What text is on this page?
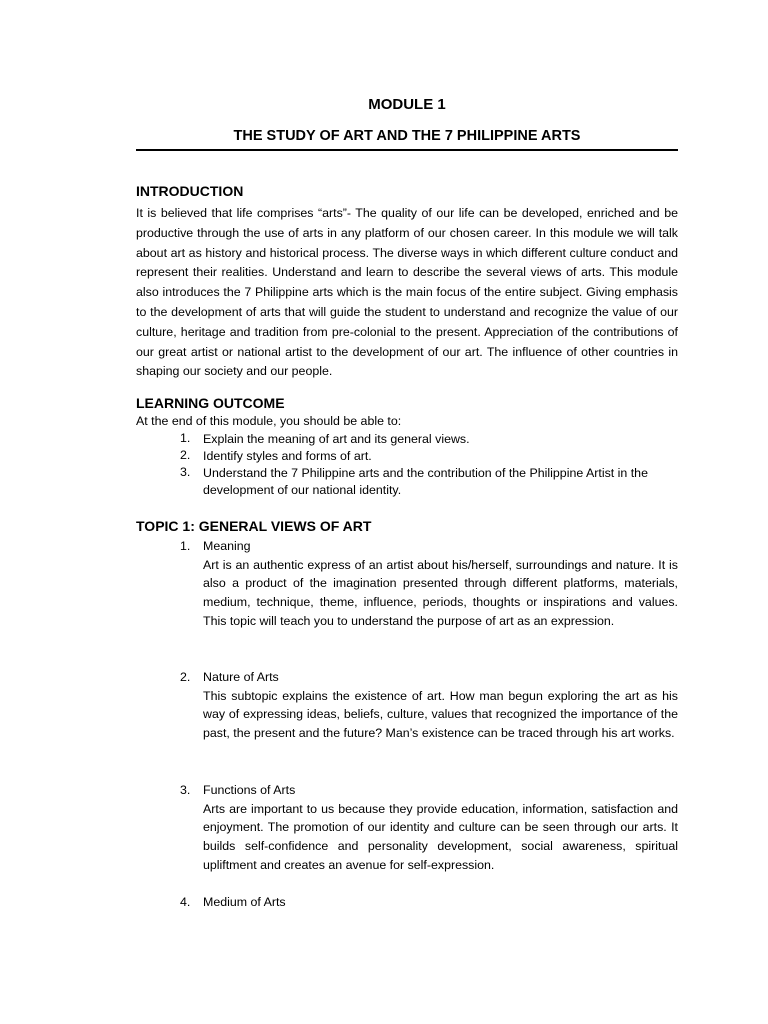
MODULE 1
THE STUDY OF ART AND THE 7 PHILIPPINE ARTS
INTRODUCTION

It is believed that life comprises “arts”- The quality of our life can be developed, enriched and be productive through the use of arts in any platform of our chosen career. In this module we will talk about art as history and historical process. The diverse ways in which different culture conduct and represent their realities. Understand and learn to describe the several views of arts. This module also introduces the 7 Philippine arts which is the main focus of the entire subject. Giving emphasis to the development of arts that will guide the student to understand and recognize the value of our culture, heritage and tradition from pre-colonial to the present. Appreciation of the contributions of our great artist or national artist to the development of our art. The influence of other countries in shaping our society and our people.

LEARNING OUTCOME

At the end of this module, you should be able to:

1. Explain the meaning of art and its general views.
2. Identify styles and forms of art.
3. Understand the 7 Philippine arts and the contribution of the Philippine Artist in the development of our national identity.
TOPIC 1: GENERAL VIEWS OF ART
1. Meaning

Art is an authentic express of an artist about his/herself, surroundings and nature. It is also a product of the imagination presented through different platforms, materials, medium, technique, theme, influence, periods, thoughts or inspirations and values. This topic will teach you to understand the purpose of art as an expression.

2. Nature of Arts

This subtopic explains the existence of art. How man begun exploring the art as his way of expressing ideas, beliefs, culture, values that recognized the importance of the past, the present and the future? Man’s existence can be traced through his art works.

3. Functions of Arts

Arts are important to us because they provide education, information, satisfaction and enjoyment. The promotion of our identity and culture can be seen through our arts. It builds self-confidence and personality development, social awareness, spiritual upliftment and creates an avenue for self-expression.

4. Medium of Arts
